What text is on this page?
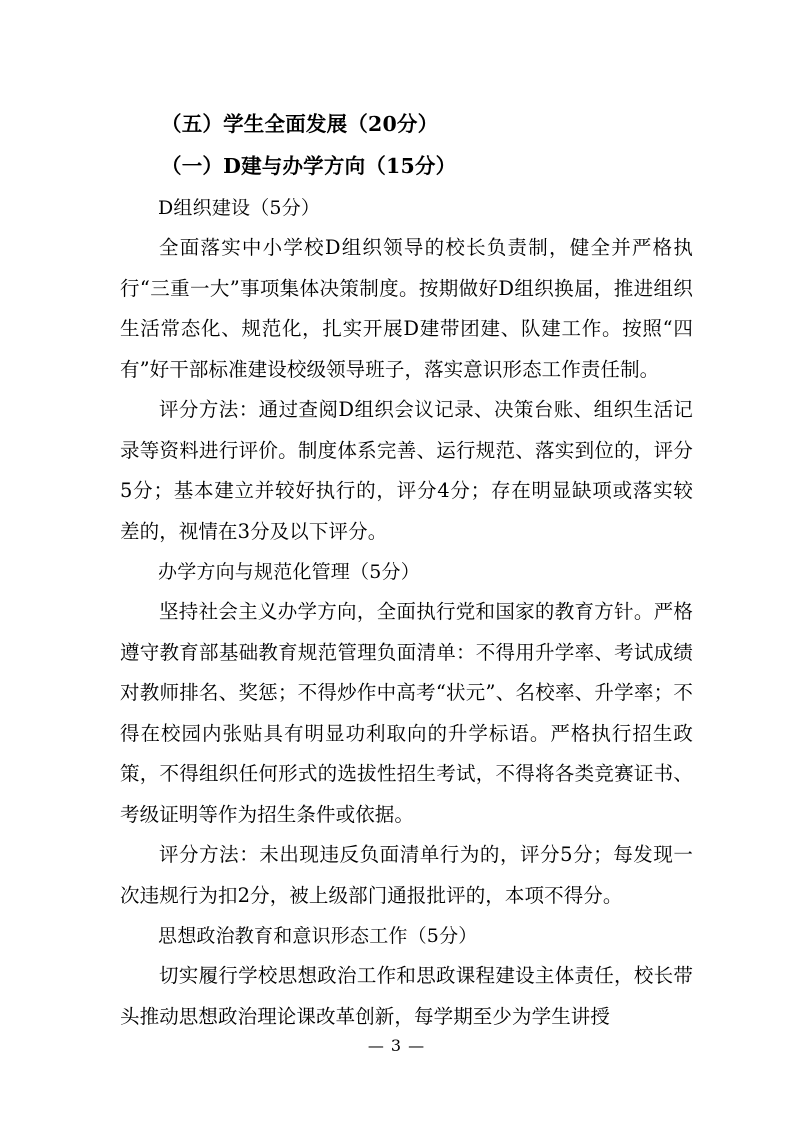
（五）学生全面发展（20分）

（一）D建与办学方向（15分）

D组织建设（5分）

全面落实中小学校D组织领导的校长负责制，健全并严格执行“三重一大”事项集体决策制度。按期做好D组织换届，推进组织生活常态化、规范化，扎实开展D建带团建、队建工作。按照“四有”好干部标准建设校级领导班子，落实意识形态工作责任制。

评分方法：通过查阅D组织会议记录、决策台账、组织生活记录等资料进行评价。制度体系完善、运行规范、落实到位的，评分5分；基本建立并较好执行的，评分4分；存在明显缺项或落实较差的，视情在3分及以下评分。

办学方向与规范化管理（5分）

坚持社会主义办学方向，全面执行党和国家的教育方针。严格遵守教育部基础教育规范管理负面清单：不得用升学率、考试成绩对教师排名、奖惩；不得炒作中高考“状元”、名校率、升学率；不得在校园内张贴具有明显功利取向的升学标语。严格执行招生政策，不得组织任何形式的选拔性招生考试，不得将各类竞赛证书、考级证明等作为招生条件或依据。

评分方法：未出现违反负面清单行为的，评分5分；每发现一次违规行为扣2分，被上级部门通报批评的，本项不得分。

思想政治教育和意识形态工作（5分）

切实履行学校思想政治工作和思政课程建设主体责任，校长带头推动思想政治理论课改革创新，每学期至少为学生讲授

— 3 —
